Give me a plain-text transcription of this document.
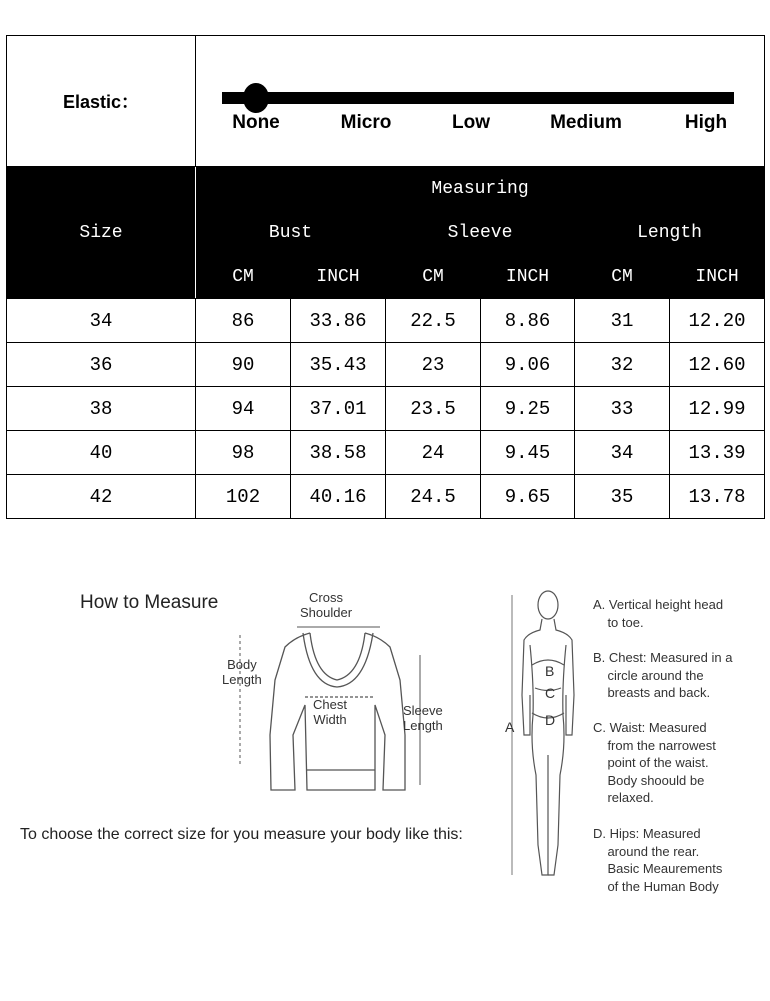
Elastic：	None Micro Low Medium High					

Size	Measuring					
	Bust		Sleeve		Length	
	CM	INCH	CM	INCH	CM	INCH
34	86	33.86	22.5	8.86	31	12.20
36	90	35.43	23	9.06	32	12.60
38	94	37.01	23.5	9.25	33	12.99
40	98	38.58	24	9.45	34	13.39
42	102	40.16	24.5	9.65	35	13.78
How to Measure	Cross
Shoulder
Body
Length
Chest
Width
Sleeve
Length
To choose the correct size for you measure your body like this:
A
B
C
D
A. Vertical height head
to toe.
B. Chest: Measured in a
circle around the
breasts and back.
C. Waist: Measured
from the narrowest
point of the waist.
Body shoould be
relaxed.
D. Hips: Measured
around the rear.
Basic Meaurements
of the Human Body
